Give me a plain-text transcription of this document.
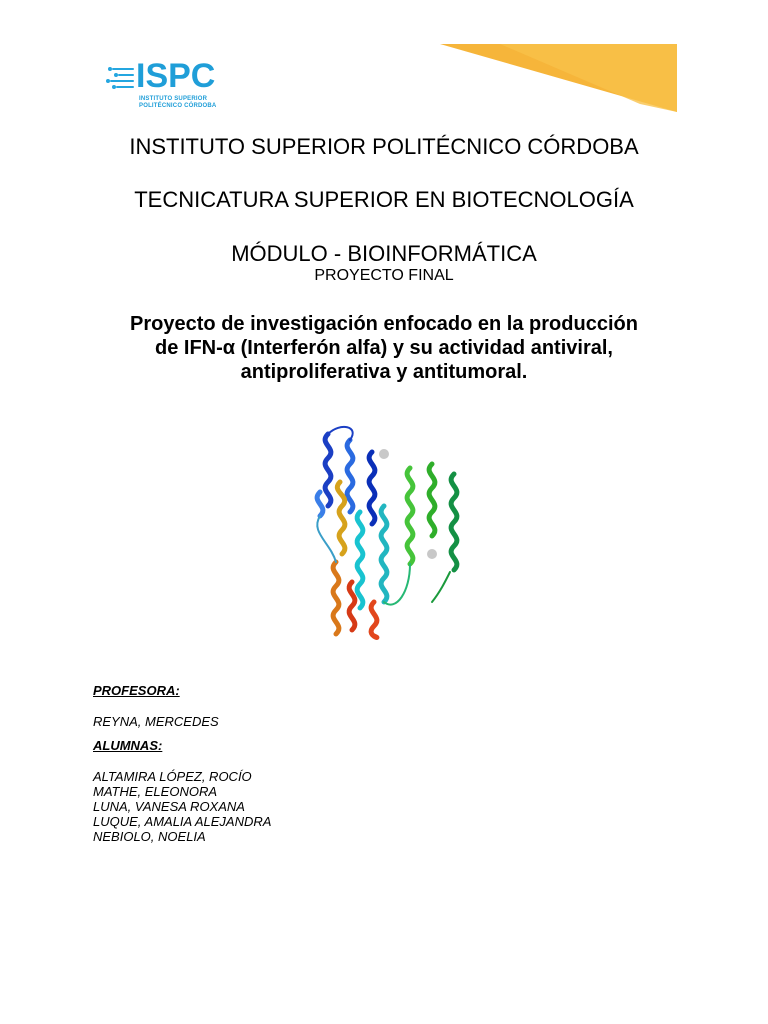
ISPC
INSTITUTO SUPERIOR
POLITÉCNICO CÓRDOBA
INSTITUTO SUPERIOR POLITÉCNICO CÓRDOBA
TECNICATURA SUPERIOR EN BIOTECNOLOGÍA
MÓDULO - BIOINFORMÁTICA
PROYECTO FINAL
Proyecto de investigación enfocado en la producción
de IFN-α (Interferón alfa) y su actividad antiviral,
antiproliferativa y antitumoral.
PROFESORA:
REYNA, MERCEDES
ALUMNAS:
ALTAMIRA LÓPEZ, ROCÍO
MATHE, ELEONORA
LUNA, VANESA ROXANA
LUQUE, AMALIA ALEJANDRA
NEBIOLO, NOELIA
